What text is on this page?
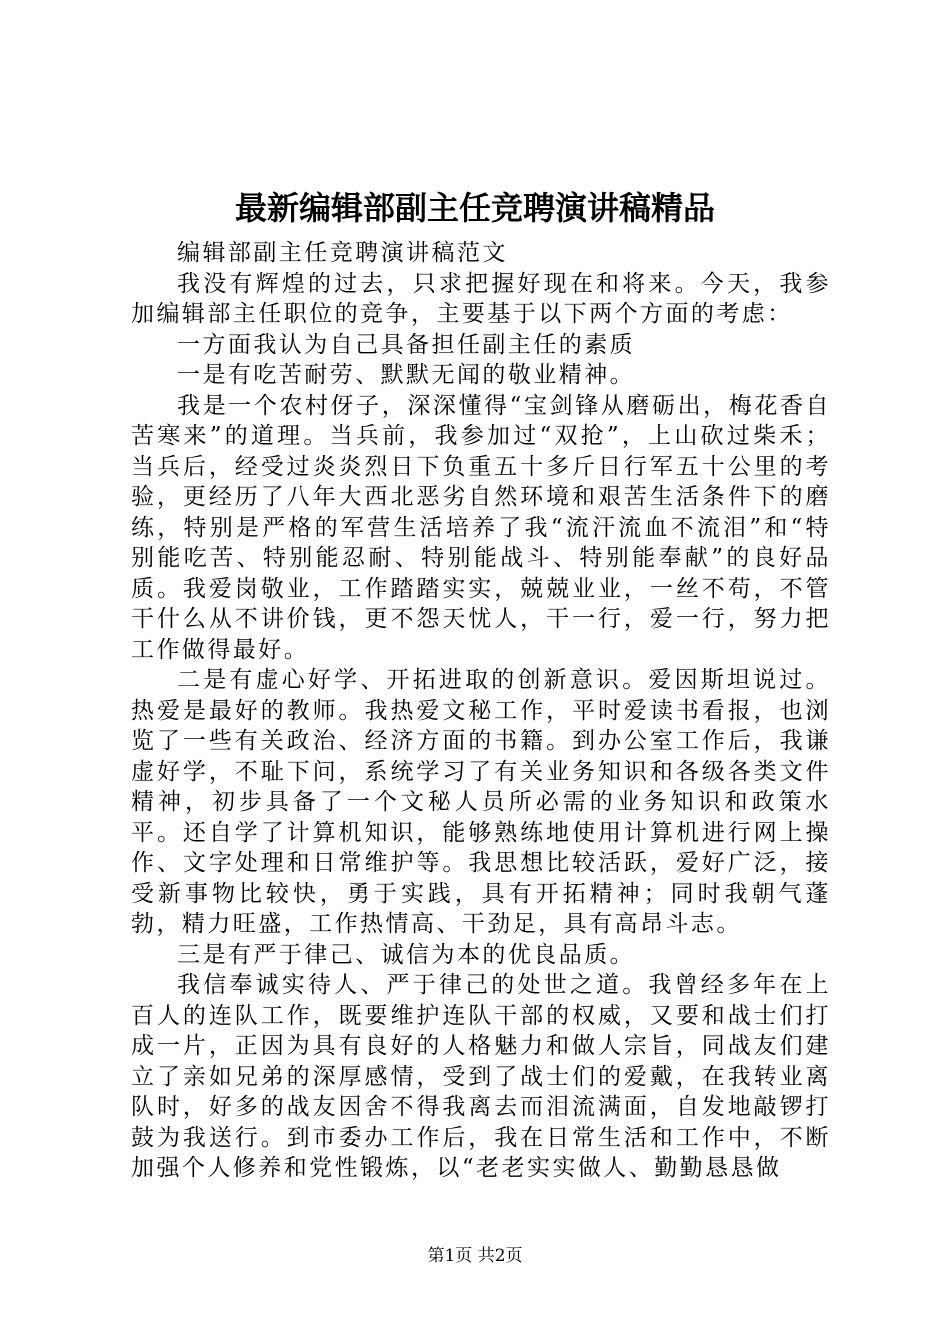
最新编辑部副主任竞聘演讲稿精品

编辑部副主任竞聘演讲稿范文

我没有辉煌的过去，只求把握好现在和将来。今天，我参加编辑部主任职位的竞争，主要基于以下两个方面的考虑：

一方面我认为自己具备担任副主任的素质

一是有吃苦耐劳、默默无闻的敬业精神。

我是一个农村伢子，深深懂得“宝剑锋从磨砺出，梅花香自苦寒来”的道理。当兵前，我参加过“双抢”，上山砍过柴禾；当兵后，经受过炎炎烈日下负重五十多斤日行军五十公里的考验，更经历了八年大西北恶劣自然环境和艰苦生活条件下的磨练，特别是严格的军营生活培养了我“流汗流血不流泪”和“特别能吃苦、特别能忍耐、特别能战斗、特别能奉献”的良好品质。我爱岗敬业，工作踏踏实实，兢兢业业，一丝不苟，不管干什么从不讲价钱，更不怨天忧人，干一行，爱一行，努力把工作做得最好。

二是有虚心好学、开拓进取的创新意识。爱因斯坦说过。热爱是最好的教师。我热爱文秘工作，平时爱读书看报，也浏览了一些有关政治、经济方面的书籍。到办公室工作后，我谦虚好学，不耻下问，系统学习了有关业务知识和各级各类文件精神，初步具备了一个文秘人员所必需的业务知识和政策水平。还自学了计算机知识，能够熟练地使用计算机进行网上操作、文字处理和日常维护等。我思想比较活跃，爱好广泛，接受新事物比较快，勇于实践，具有开拓精神；同时我朝气蓬勃，精力旺盛，工作热情高、干劲足，具有高昂斗志。

三是有严于律己、诚信为本的优良品质。

我信奉诚实待人、严于律己的处世之道。我曾经多年在上百人的连队工作，既要维护连队干部的权威，又要和战士们打成一片，正因为具有良好的人格魅力和做人宗旨，同战友们建立了亲如兄弟的深厚感情，受到了战士们的爱戴，在我转业离队时，好多的战友因舍不得我离去而泪流满面，自发地敲锣打鼓为我送行。到市委办工作后，我在日常生活和工作中，不断加强个人修养和党性锻炼，以“老老实实做人、勤勤恳恳做

第1页 共2页
